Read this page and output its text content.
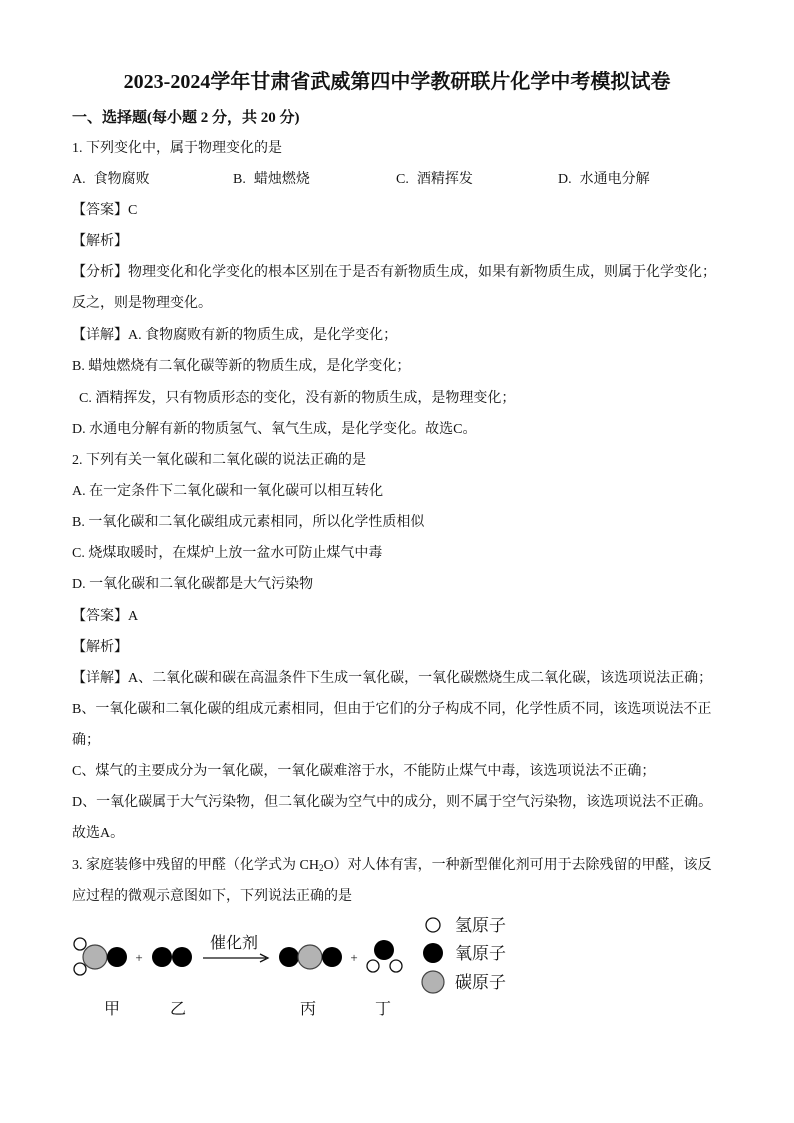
2023-2024学年甘肃省武威第四中学教研联片化学中考模拟试卷
一、选择题(每小题 2 分，共 20 分)
1. 下列变化中，属于物理变化的是
A. 食物腐败	B. 蜡烛燃烧	C. 酒精挥发	D. 水通电分解
【答案】C
【解析】
【分析】物理变化和化学变化的根本区别在于是否有新物质生成，如果有新物质生成，则属于化学变化；
反之，则是物理变化。
【详解】A. 食物腐败有新的物质生成，是化学变化；
B. 蜡烛燃烧有二氧化碳等新的物质生成，是化学变化；
C. 酒精挥发，只有物质形态的变化，没有新的物质生成，是物理变化；
D. 水通电分解有新的物质氢气、氧气生成，是化学变化。故选C。
2. 下列有关一氧化碳和二氧化碳的说法正确的是
A. 在一定条件下二氧化碳和一氧化碳可以相互转化
B. 一氧化碳和二氧化碳组成元素相同，所以化学性质相似
C. 烧煤取暖时，在煤炉上放一盆水可防止煤气中毒
D. 一氧化碳和二氧化碳都是大气污染物
【答案】A
【解析】
【详解】A、二氧化碳和碳在高温条件下生成一氧化碳，一氧化碳燃烧生成二氧化碳，该选项说法正确；
B、一氧化碳和二氧化碳的组成元素相同，但由于它们的分子构成不同，化学性质不同，该选项说法不正
确；
C、煤气的主要成分为一氧化碳，一氧化碳难溶于水，不能防止煤气中毒，该选项说法不正确；
D、一氧化碳属于大气污染物，但二氧化碳为空气中的成分，则不属于空气污染物，该选项说法不正确。
故选A。
3. 家庭装修中残留的甲醛（化学式为 $CH_2O$）对人体有害，一种新型催化剂可用于去除残留的甲醛，该反
应过程的微观示意图如下，下列说法正确的是
+
催化剂
+
甲	乙	丙	丁
氢原子
氧原子
碳原子
